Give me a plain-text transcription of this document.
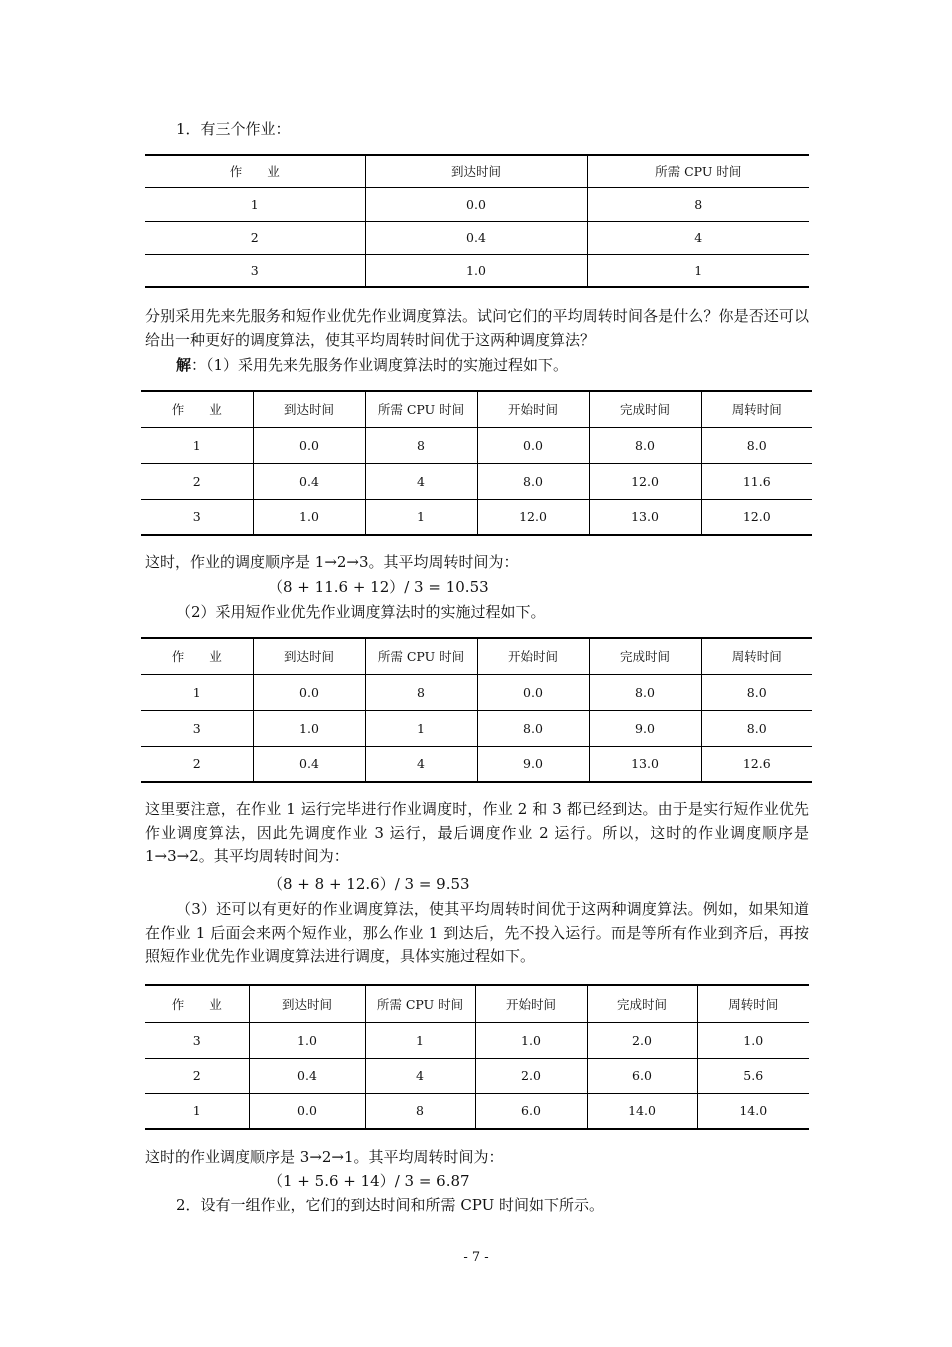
1．有三个作业：
作　　业	到达时间	所需 CPU 时间
1	0.0	8
2	0.4	4
3	1.0	1
分别采用先来先服务和短作业优先作业调度算法。试问它们的平均周转时间各是什么？你是否还可以给出一种更好的调度算法，使其平均周转时间优于这两种调度算法？
解：（1）采用先来先服务作业调度算法时的实施过程如下。
作　　业	到达时间	所需 CPU 时间	开始时间	完成时间	周转时间
1	0.0	8	0.0	8.0	8.0
2	0.4	4	8.0	12.0	11.6
3	1.0	1	12.0	13.0	12.0
这时，作业的调度顺序是 1→2→3。其平均周转时间为：
（8 + 11.6 + 12）/ 3 = 10.53
（2）采用短作业优先作业调度算法时的实施过程如下。
作　　业	到达时间	所需 CPU 时间	开始时间	完成时间	周转时间
1	0.0	8	0.0	8.0	8.0
3	1.0	1	8.0	9.0	8.0
2	0.4	4	9.0	13.0	12.6
这里要注意，在作业 1 运行完毕进行作业调度时，作业 2 和 3 都已经到达。由于是实行短作业优先作业调度算法，因此先调度作业 3 运行，最后调度作业 2 运行。所以，这时的作业调度顺序是 1→3→2。其平均周转时间为：
（8 + 8 + 12.6）/ 3 = 9.53
（3）还可以有更好的作业调度算法，使其平均周转时间优于这两种调度算法。例如，如果知道在作业 1 后面会来两个短作业，那么作业 1 到达后，先不投入运行。而是等所有作业到齐后，再按照短作业优先作业调度算法进行调度，具体实施过程如下。
作　　业	到达时间	所需 CPU 时间	开始时间	完成时间	周转时间
3	1.0	1	1.0	2.0	1.0
2	0.4	4	2.0	6.0	5.6
1	0.0	8	6.0	14.0	14.0
这时的作业调度顺序是 3→2→1。其平均周转时间为：
（1 + 5.6 + 14）/ 3 = 6.87
2．设有一组作业，它们的到达时间和所需 CPU 时间如下所示。
- 7 -
